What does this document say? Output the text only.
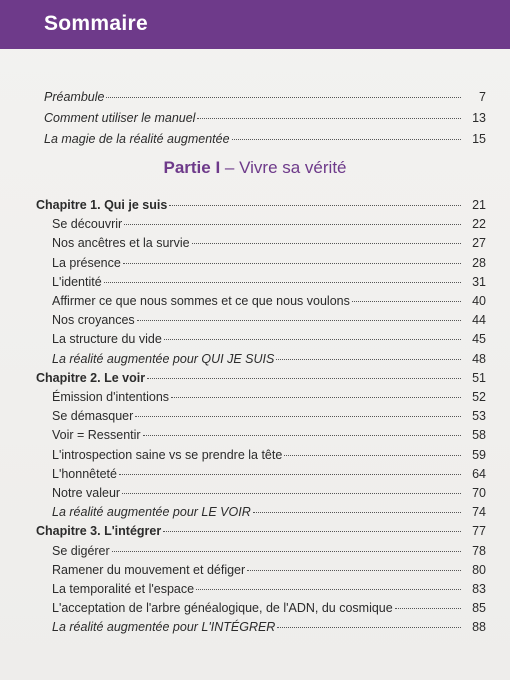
Sommaire
Préambule	7
Comment utiliser le manuel	13
La magie de la réalité augmentée	15
Partie I – Vivre sa vérité
Chapitre 1. Qui je suis	21
Se découvrir	22
Nos ancêtres et la survie	27
La présence	28
L'identité	31
Affirmer ce que nous sommes et ce que nous voulons	40
Nos croyances	44
La structure du vide	45
La réalité augmentée pour QUI JE SUIS	48
Chapitre 2. Le voir	51
Émission d'intentions	52
Se démasquer	53
Voir = Ressentir	58
L'introspection saine vs se prendre la tête	59
L'honnêteté	64
Notre valeur	70
La réalité augmentée pour LE VOIR	74
Chapitre 3. L'intégrer	77
Se digérer	78
Ramener du mouvement et défiger	80
La temporalité et l'espace	83
L'acceptation de l'arbre généalogique, de l'ADN, du cosmique	85
La réalité augmentée pour L'INTÉGRER	88
